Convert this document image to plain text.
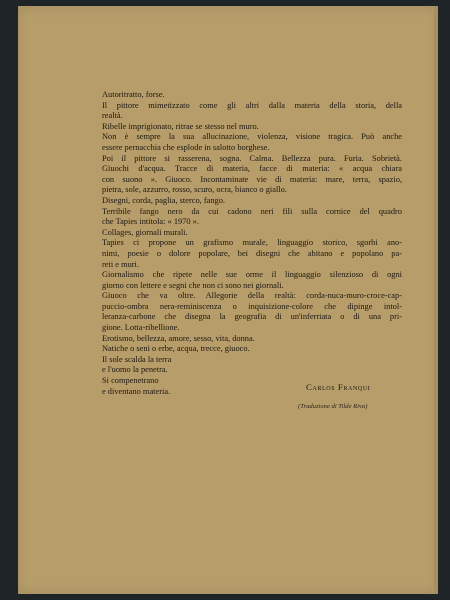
Autoritratto, forse.
Il pittore mimetizzato come gli altri dalla materia della storia, della
realtà.
Ribelle imprigionato, ritrae se stesso nel muro.
Non è sempre la sua allucinazione, violenza, visione tragica. Può anche
essere pernacchia che esplode in salotto borghese.
Poi il pittore si rasserena, sogna. Calma. Bellezza pura. Furia. Sobrietà.
Giuochi d'acqua. Tracce di materia, facce di materia: « acqua chiara
con suono ». Giuoco. Incontaminate vie di materia: mare, terra, spazio,
pietra, sole, azzurro, rosso, scuro, ocra, bianco o giallo.
Disegni, corda, paglia, sterco, fango.
Terribile fango nero da cui cadono neri fili sulla cornice del quadro
che Tapies intitola: « 1970 ».
Collages, giornali murali.
Tapies ci propone un grafismo murale, linguaggio storico, sgorbi ano-
nimi, poesie o dolore popolare, bei disegni che abitano e popolano pa-
reti e muri.
Giornalismo che ripete nelle sue orme il linguaggio silenzioso di ogni
giorno con lettere e segni che non ci sono nei giornali.
Giuoco che va oltre. Allegorie della realtà: corda-nuca-muro-croce-cap-
puccio-ombra nera-reminiscenza o inquisizione-colore che dipinge intol-
leranza-carbone che disegna la geografia di un'inferriata o di una pri-
gione. Lotta-ribellione.
Erotismo, bellezza, amore, sesso, vita, donna.
Natiche o seni o erbe, acqua, trecce, giuoco.
Il sole scalda la terra
e l'uomo la penetra.
Si compenetrano
e diventano materia.	Carlos Franqui
(Traduzione di Tilde Riva)
